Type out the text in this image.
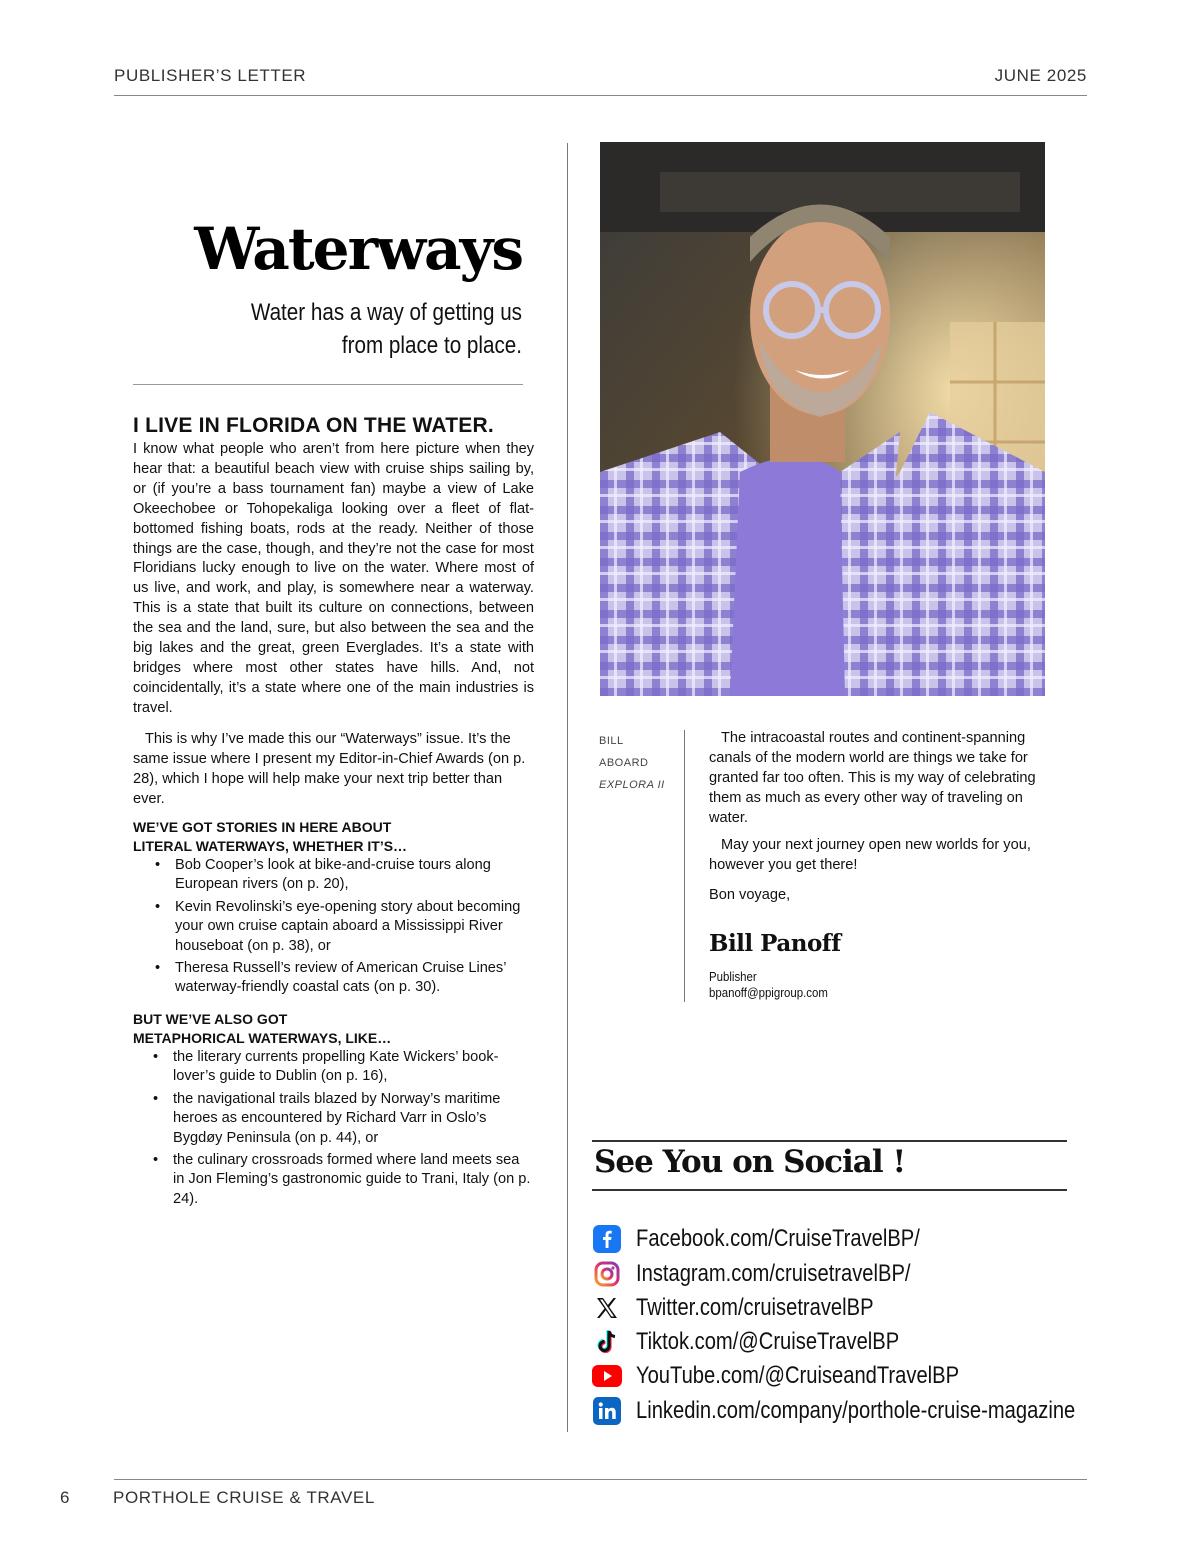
PUBLISHER’S LETTER	JUNE 2025
Waterways
Water has a way of getting us
from place to place.
I LIVE IN FLORIDA ON THE WATER.
I know what people who aren’t from here picture when they hear that: a beautiful beach view with cruise ships sailing by, or (if you’re a bass tournament fan) maybe a view of Lake Okeechobee or Tohopekaliga looking over a fleet of flat-bottomed fishing boats, rods at the ready. Neither of those things are the case, though, and they’re not the case for most Floridians lucky enough to live on the water. Where most of us live, and work, and play, is somewhere near a waterway. This is a state that built its culture on connections, between the sea and the land, sure, but also between the sea and the big lakes and the great, green Everglades. It’s a state with bridges where most other states have hills. And, not coincidentally, it’s a state where one of the main industries is travel.
This is why I’ve made this our “Waterways” issue. It’s the same issue where I present my Editor-in-Chief Awards (on p. 28), which I hope will help make your next trip better than ever.
WE’VE GOT STORIES IN HERE ABOUT
LITERAL WATERWAYS, WHETHER IT’S…
• Bob Cooper’s look at bike-and-cruise tours along European rivers (on p. 20),
• Kevin Revolinski’s eye-opening story about becoming your own cruise captain aboard a Mississippi River houseboat (on p. 38), or
• Theresa Russell’s review of American Cruise Lines’ waterway-friendly coastal cats (on p. 30).
BUT WE’VE ALSO GOT
METAPHORICAL WATERWAYS, LIKE…
• the literary currents propelling Kate Wickers’ book-lover’s guide to Dublin (on p. 16),
• the navigational trails blazed by Norway’s maritime heroes as encountered by Richard Varr in Oslo’s Bygdøy Peninsula (on p. 44), or
• the culinary crossroads formed where land meets sea in Jon Fleming’s gastronomic guide to Trani, Italy (on p. 24).
BILL
ABOARD
EXPLORA II
The intracoastal routes and continent-spanning canals of the modern world are things we take for granted far too often. This is my way of celebrating them as much as every other way of traveling on water.
May your next journey open new worlds for you, however you get there!
Bon voyage,
Bill Panoff
Publisher
bpanoff@ppigroup.com
See You on Social !
Facebook.com/CruiseTravelBP/
Instagram.com/cruisetravelBP/
Twitter.com/cruisetravelBP
Tiktok.com/@CruiseTravelBP
YouTube.com/@CruiseandTravelBP
Linkedin.com/company/porthole-cruise-magazine
6	PORTHOLE CRUISE & TRAVEL
